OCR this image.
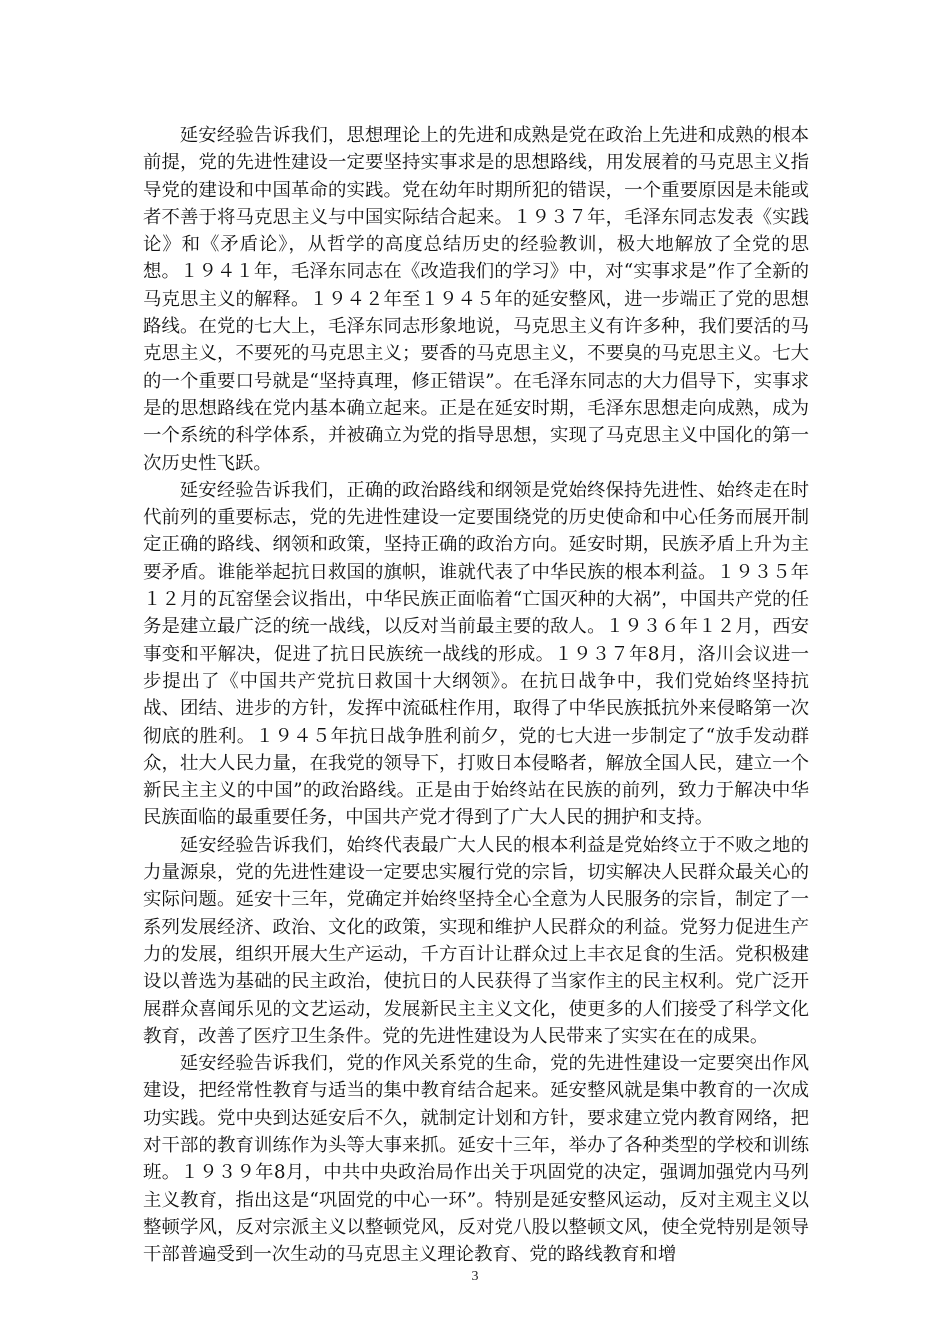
延安经验告诉我们，思想理论上的先进和成熟是党在政治上先进和成熟的根本前提，党的先进性建设一定要坚持实事求是的思想路线，用发展着的马克思主义指导党的建设和中国革命的实践。党在幼年时期所犯的错误，一个重要原因是未能或者不善于将马克思主义与中国实际结合起来。１９３７年，毛泽东同志发表《实践论》和《矛盾论》，从哲学的高度总结历史的经验教训，极大地解放了全党的思想。１９４１年，毛泽东同志在《改造我们的学习》中，对“实事求是”作了全新的马克思主义的解释。１９４２年至１９４５年的延安整风，进一步端正了党的思想路线。在党的七大上，毛泽东同志形象地说，马克思主义有许多种，我们要活的马克思主义，不要死的马克思主义；要香的马克思主义，不要臭的马克思主义。七大的一个重要口号就是“坚持真理，修正错误”。在毛泽东同志的大力倡导下，实事求是的思想路线在党内基本确立起来。正是在延安时期，毛泽东思想走向成熟，成为一个系统的科学体系，并被确立为党的指导思想，实现了马克思主义中国化的第一次历史性飞跃。

延安经验告诉我们，正确的政治路线和纲领是党始终保持先进性、始终走在时代前列的重要标志，党的先进性建设一定要围绕党的历史使命和中心任务而展开制定正确的路线、纲领和政策，坚持正确的政治方向。延安时期，民族矛盾上升为主要矛盾。谁能举起抗日救国的旗帜，谁就代表了中华民族的根本利益。１９３５年１２月的瓦窑堡会议指出，中华民族正面临着“亡国灭种的大祸”，中国共产党的任务是建立最广泛的统一战线，以反对当前最主要的敌人。１９３６年１２月，西安事变和平解决，促进了抗日民族统一战线的形成。１９３７年8月，洛川会议进一步提出了《中国共产党抗日救国十大纲领》。在抗日战争中，我们党始终坚持抗战、团结、进步的方针，发挥中流砥柱作用，取得了中华民族抵抗外来侵略第一次彻底的胜利。１９４５年抗日战争胜利前夕，党的七大进一步制定了“放手发动群众，壮大人民力量，在我党的领导下，打败日本侵略者，解放全国人民，建立一个新民主主义的中国”的政治路线。正是由于始终站在民族的前列，致力于解决中华民族面临的最重要任务，中国共产党才得到了广大人民的拥护和支持。

延安经验告诉我们，始终代表最广大人民的根本利益是党始终立于不败之地的力量源泉，党的先进性建设一定要忠实履行党的宗旨，切实解决人民群众最关心的实际问题。延安十三年，党确定并始终坚持全心全意为人民服务的宗旨，制定了一系列发展经济、政治、文化的政策，实现和维护人民群众的利益。党努力促进生产力的发展，组织开展大生产运动，千方百计让群众过上丰衣足食的生活。党积极建设以普选为基础的民主政治，使抗日的人民获得了当家作主的民主权利。党广泛开展群众喜闻乐见的文艺运动，发展新民主主义文化，使更多的人们接受了科学文化教育，改善了医疗卫生条件。党的先进性建设为人民带来了实实在在的成果。

延安经验告诉我们，党的作风关系党的生命，党的先进性建设一定要突出作风建设，把经常性教育与适当的集中教育结合起来。延安整风就是集中教育的一次成功实践。党中央到达延安后不久，就制定计划和方针，要求建立党内教育网络，把对干部的教育训练作为头等大事来抓。延安十三年，举办了各种类型的学校和训练班。１９３９年8月，中共中央政治局作出关于巩固党的决定，强调加强党内马列主义教育，指出这是“巩固党的中心一环”。特别是延安整风运动，反对主观主义以整顿学风，反对宗派主义以整顿党风，反对党八股以整顿文风，使全党特别是领导干部普遍受到一次生动的马克思主义理论教育、党的路线教育和增

3
